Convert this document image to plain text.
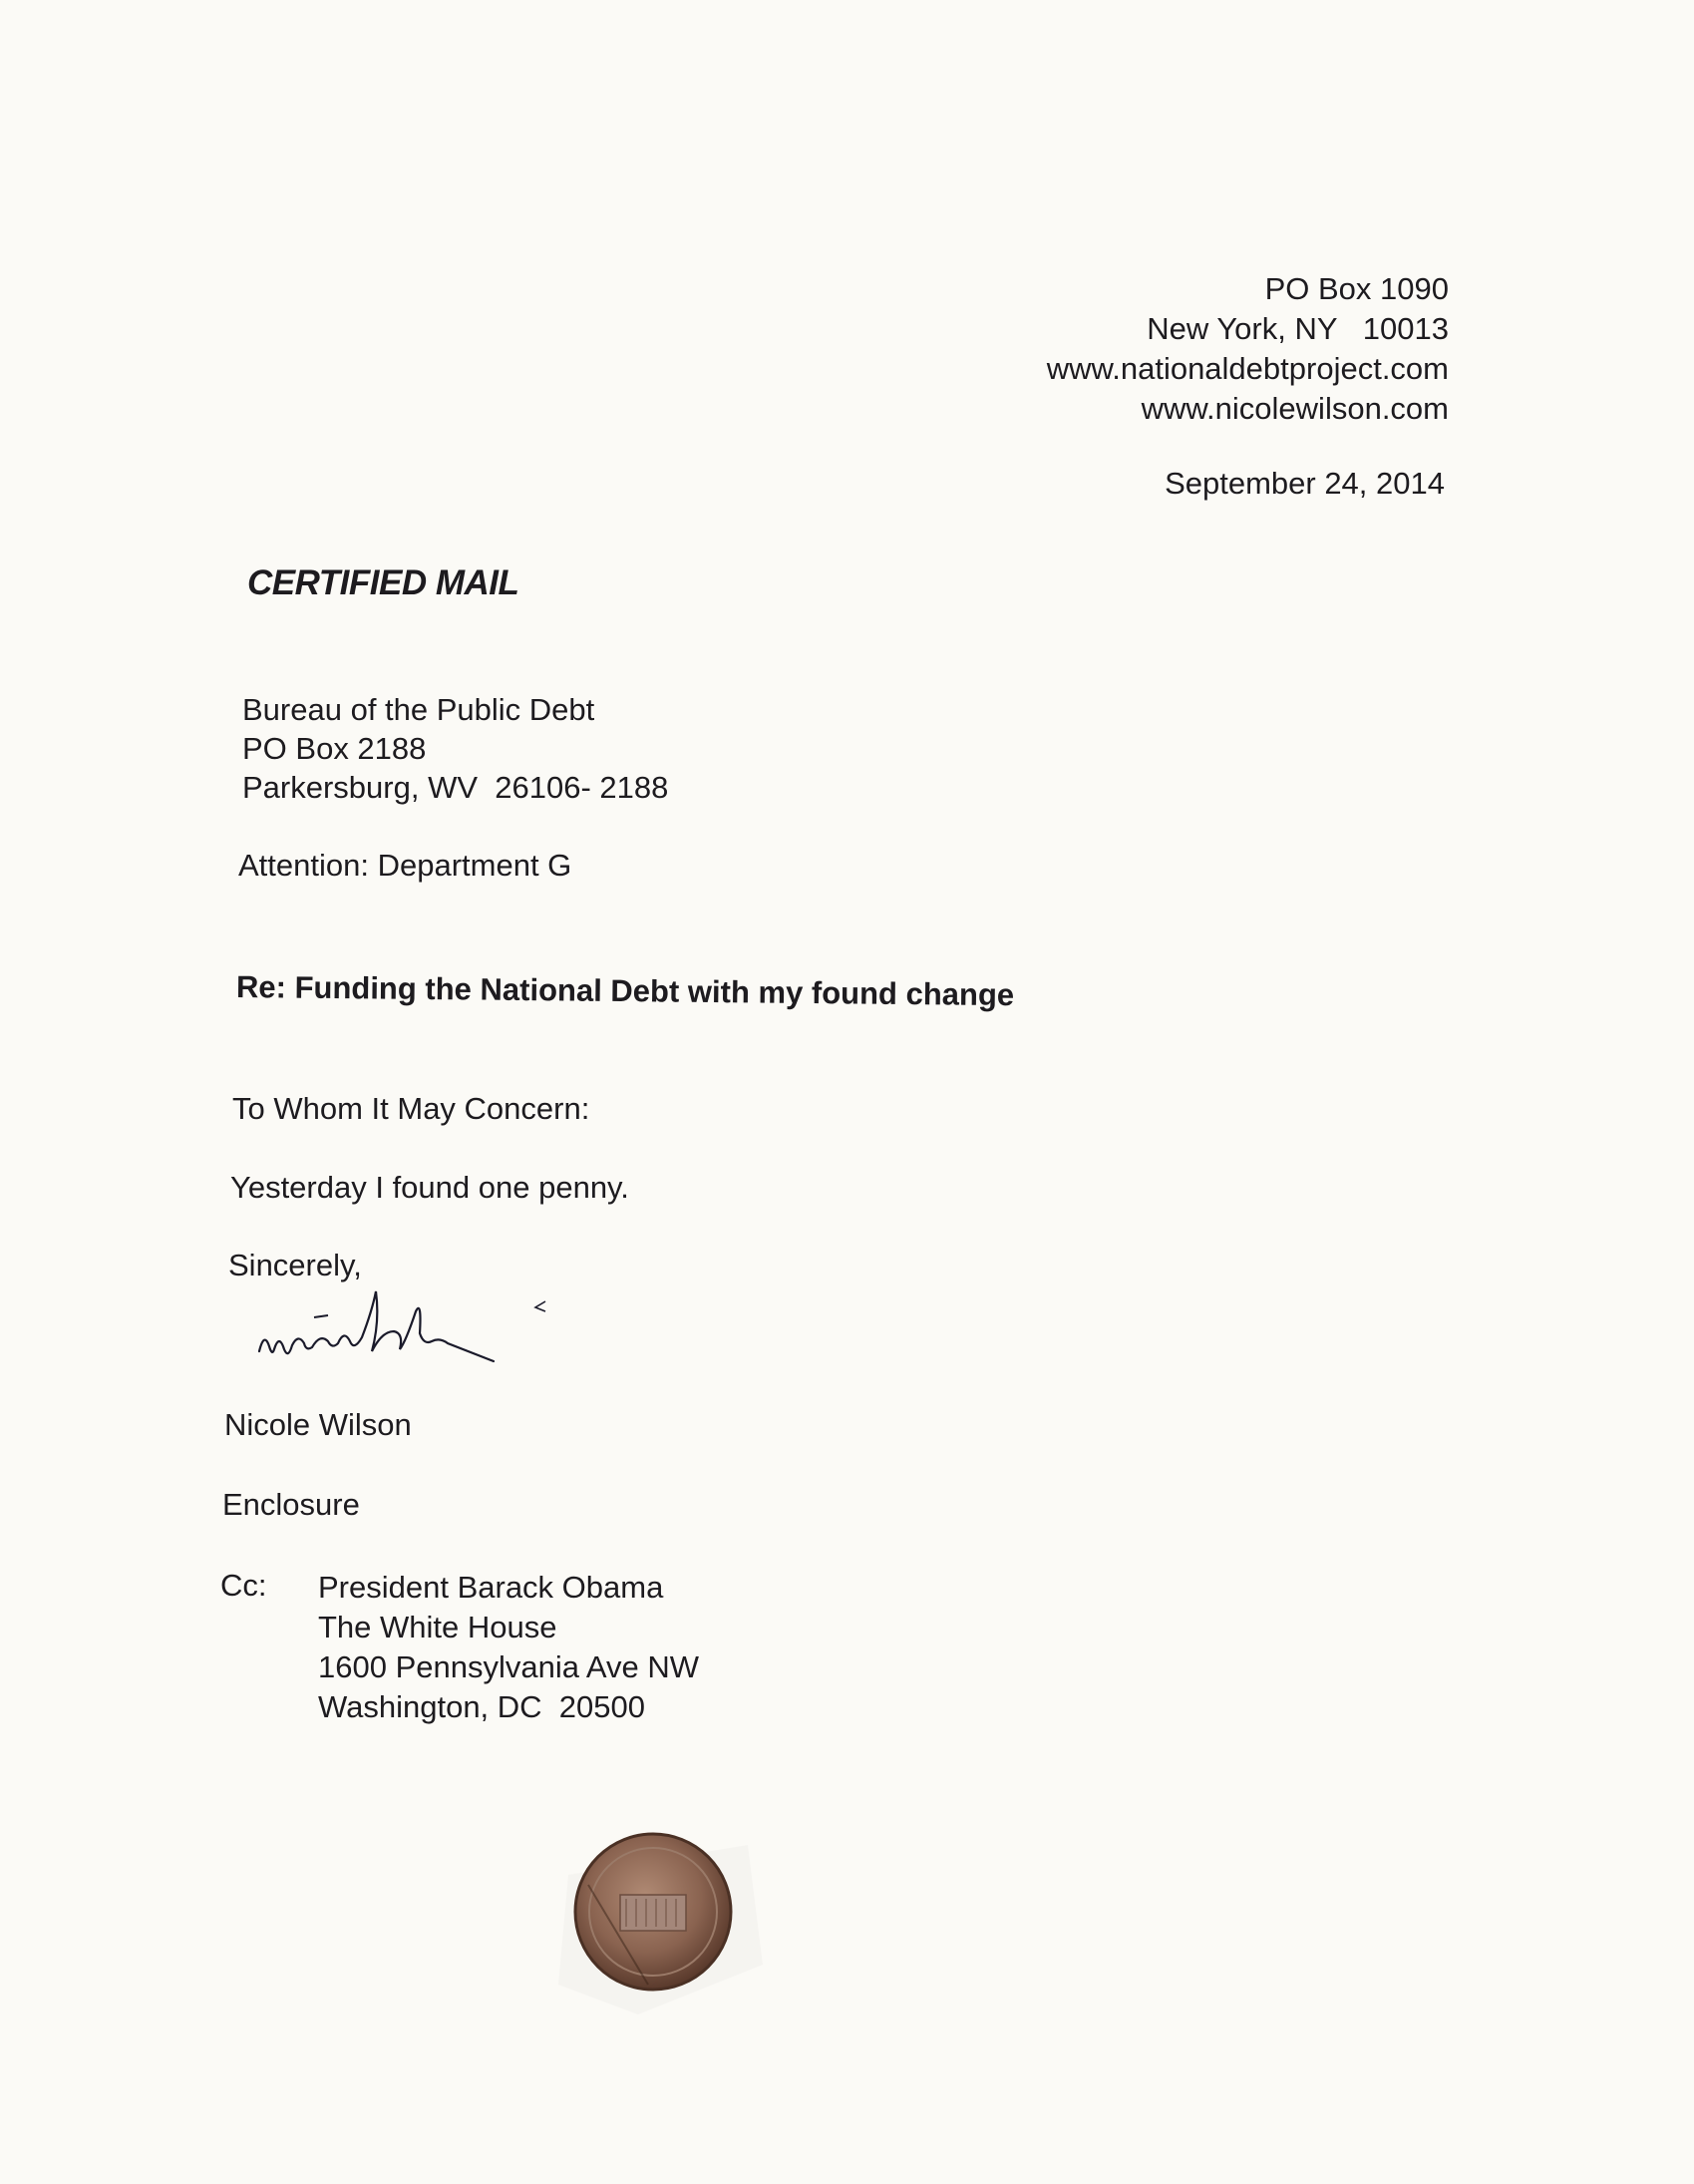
PO Box 1090
New York, NY   10013
www.nationaldebtproject.com
www.nicolewilson.com
September 24, 2014
CERTIFIED MAIL
Bureau of the Public Debt
PO Box 2188
Parkersburg, WV  26106- 2188
Attention: Department G
Re: Funding the National Debt with my found change
To Whom It May Concern:
Yesterday I found one penny.
Sincerely,
Nicole Wilson
Enclosure
Cc: President Barack Obama
The White House
1600 Pennsylvania Ave NW
Washington, DC  20500
